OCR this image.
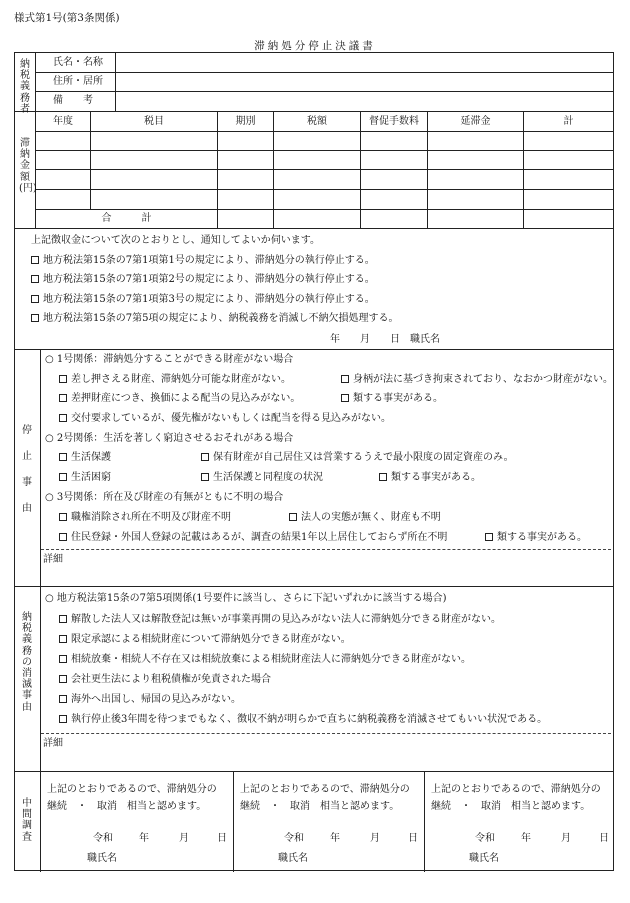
様式第1号(第3条関係)
滞納処分停止決議書
納税義務者
氏名・名称
住所・居所
備　　考
滞納金額(円)
年度	税目	期別	税額	督促手数料	延滞金	計
合　　　計
上記徴収金について次のとおりとし、通知してよいか伺います。
地方税法第15条の7第1項第1号の規定により、滞納処分の執行停止する。
地方税法第15条の7第1項第2号の規定により、滞納処分の執行停止する。
地方税法第15条の7第1項第3号の規定により、滞納処分の執行停止する。
地方税法第15条の7第5項の規定により、納税義務を消滅し不納欠損処理する。
年　　月　　日　職氏名
停止事由
○ 1号関係：滞納処分することができる財産がない場合
差し押さえる財産、滞納処分可能な財産がない。	身柄が法に基づき拘束されており、なおかつ財産がない。
差押財産につき、換価による配当の見込みがない。	類する事実がある。
交付要求しているが、優先権がないもしくは配当を得る見込みがない。
○ 2号関係：生活を著しく窮迫させるおそれがある場合
生活保護	保有財産が自己居住又は営業するうえで最小限度の固定資産のみ。
生活困窮	生活保護と同程度の状況	類する事実がある。
○ 3号関係：所在及び財産の有無がともに不明の場合
職権消除され所在不明及び財産不明	法人の実態が無く、財産も不明
住民登録・外国人登録の記載はあるが、調査の結果1年以上居住しておらず所在不明	類する事実がある。
詳細
納税義務の消滅事由
○ 地方税法第15条の7第5項関係(1号要件に該当し、さらに下記いずれかに該当する場合)
解散した法人又は解散登記は無いが事業再開の見込みがない法人に滞納処分できる財産がない。
限定承認による相続財産について滞納処分できる財産がない。
相続放棄・相続人不存在又は相続放棄による相続財産法人に滞納処分できる財産がない。
会社更生法により租税債権が免責された場合
海外へ出国し、帰国の見込みがない。
執行停止後3年間を待つまでもなく、徴収不納が明らかで直ちに納税義務を消滅させてもいい状況である。
詳細
中間調査
上記のとおりであるので、滞納処分の
継続　・　取消　相当と認めます。
令和	年	月	日
職氏名
上記のとおりであるので、滞納処分の
継続　・　取消　相当と認めます。
令和	年	月	日
職氏名
上記のとおりであるので、滞納処分の
継続　・　取消　相当と認めます。
令和	年	月	日
職氏名
